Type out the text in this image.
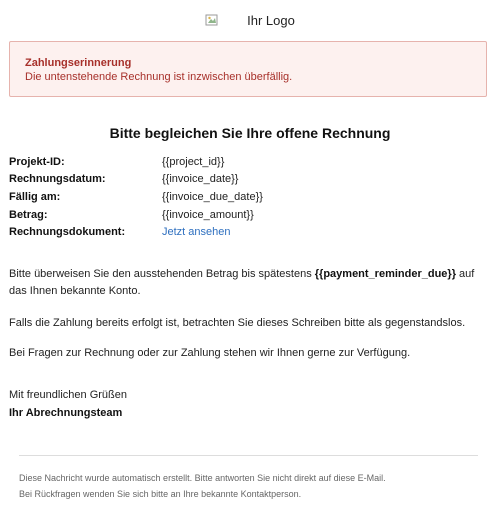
Ihr Logo
Zahlungserinnerung
Die untenstehende Rechnung ist inzwischen überfällig.
Bitte begleichen Sie Ihre offene Rechnung
Projekt-ID:	{{project_id}}
Rechnungsdatum:	{{invoice_date}}
Fällig am:	{{invoice_due_date}}
Betrag:	{{invoice_amount}}
Rechnungsdokument:	Jetzt ansehen
Bitte überweisen Sie den ausstehenden Betrag bis spätestens {{payment_reminder_due}} auf das Ihnen bekannte Konto.
Falls die Zahlung bereits erfolgt ist, betrachten Sie dieses Schreiben bitte als gegenstandslos.
Bei Fragen zur Rechnung oder zur Zahlung stehen wir Ihnen gerne zur Verfügung.
Mit freundlichen Grüßen
Ihr Abrechnungsteam
Diese Nachricht wurde automatisch erstellt. Bitte antworten Sie nicht direkt auf diese E-Mail.
Bei Rückfragen wenden Sie sich bitte an Ihre bekannte Kontaktperson.
